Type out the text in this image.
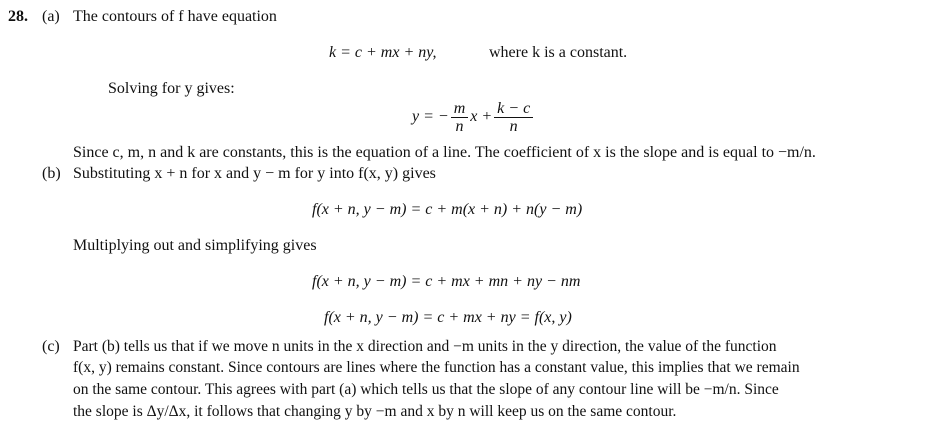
28. (a) The contours of f have equation
k = c + mx + ny,	where k is a constant.
Solving for y gives:
y = − $\frac{m}{n}$ $x + \frac{k - c}{n}$
Since c, m, n and k are constants, this is the equation of a line. The coefficient of x is the slope and is equal to −m/n.
(b) Substituting x + n for x and y − m for y into f(x, y) gives
f(x + n, y − m) = c + m(x + n) + n(y − m)
Multiplying out and simplifying gives
f(x + n, y − m) = c + mx + mn + ny − nm
f(x + n, y − m) = c + mx + ny = f(x, y)
(c) Part (b) tells us that if we move n units in the x direction and −m units in the y direction, the value of the function
f(x, y) remains constant. Since contours are lines where the function has a constant value, this implies that we remain
on the same contour. This agrees with part (a) which tells us that the slope of any contour line will be −m/n. Since
the slope is Δy/Δx, it follows that changing y by −m and x by n will keep us on the same contour.
